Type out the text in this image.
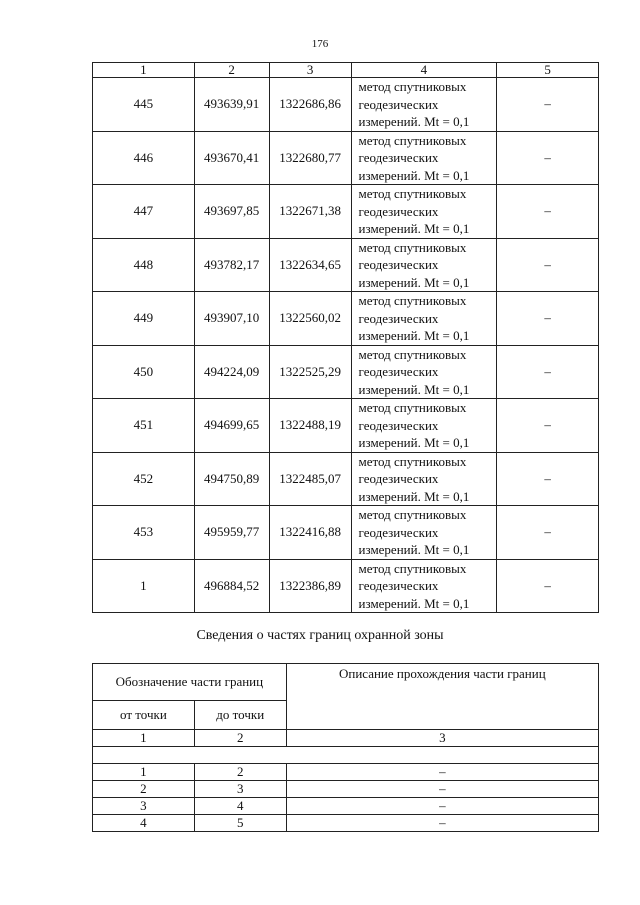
176
1	2	3	4	5
445	493639,91	1322686,86	метод спутниковых
геодезических
измерений. Mt = 0,1	–
446	493670,41	1322680,77	метод спутниковых
геодезических
измерений. Mt = 0,1	–
447	493697,85	1322671,38	метод спутниковых
геодезических
измерений. Mt = 0,1	–
448	493782,17	1322634,65	метод спутниковых
геодезических
измерений. Mt = 0,1	–
449	493907,10	1322560,02	метод спутниковых
геодезических
измерений. Mt = 0,1	–
450	494224,09	1322525,29	метод спутниковых
геодезических
измерений. Mt = 0,1	–
451	494699,65	1322488,19	метод спутниковых
геодезических
измерений. Mt = 0,1	–
452	494750,89	1322485,07	метод спутниковых
геодезических
измерений. Mt = 0,1	–
453	495959,77	1322416,88	метод спутниковых
геодезических
измерений. Mt = 0,1	–
1	496884,52	1322386,89	метод спутниковых
геодезических
измерений. Mt = 0,1	–
Сведения о частях границ охранной зоны
Обозначение части границ		Описание прохождения части границ
от точки	до точки	
1	2	3

1	2	–
2	3	–
3	4	–
4	5	–
